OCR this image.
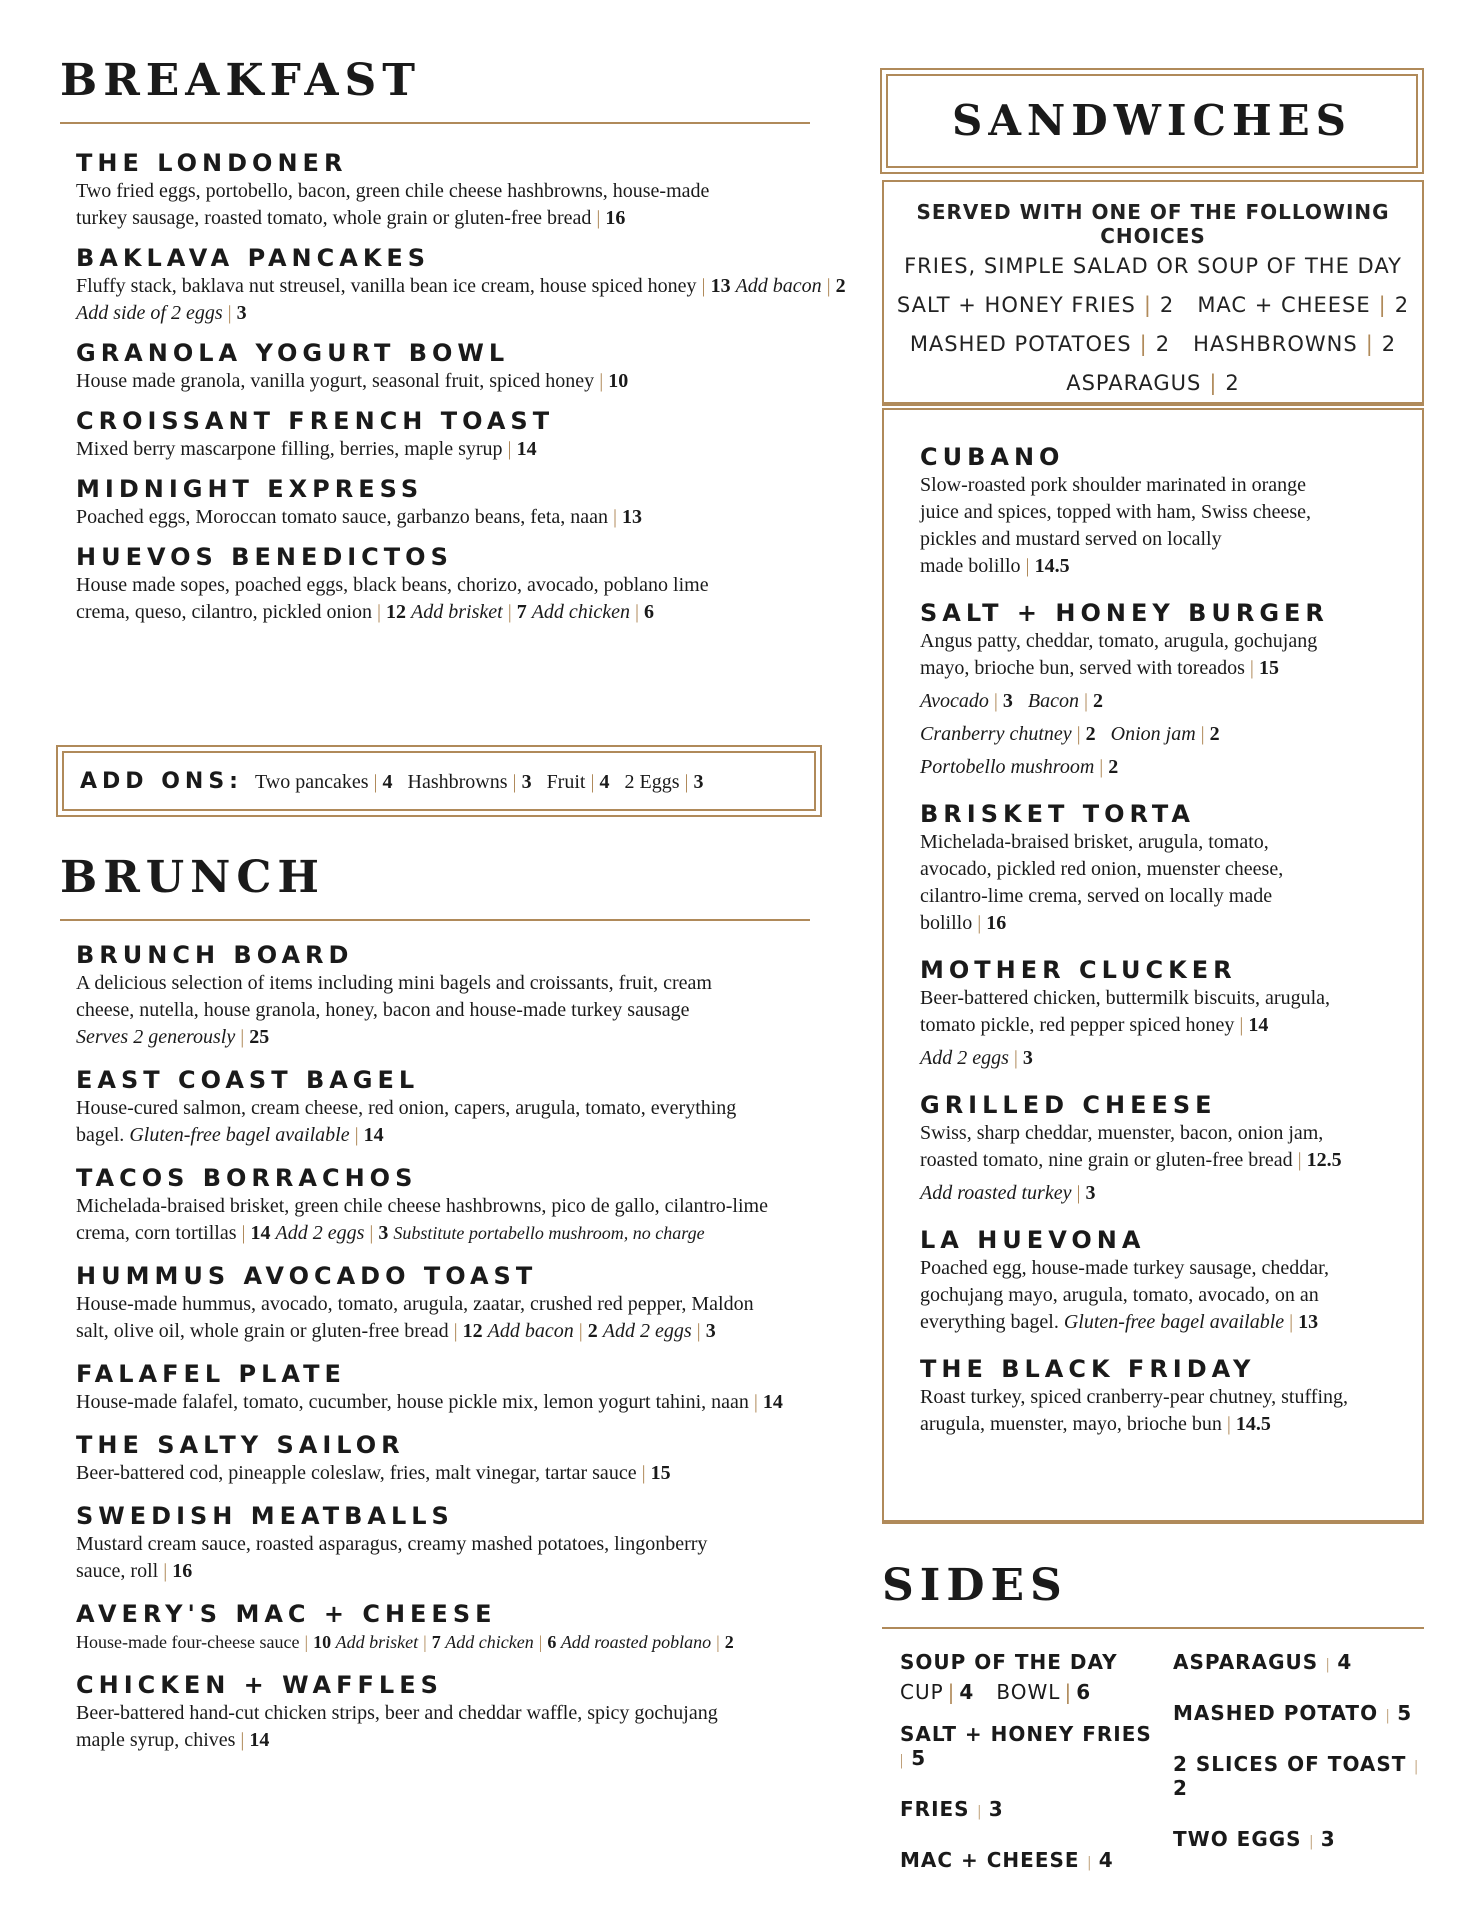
BREAKFAST
THE LONDONER
Two fried eggs, portobello, bacon, green chile cheese hashbrowns, house-made
turkey sausage, roasted tomato, whole grain or gluten-free bread | 16
BAKLAVA PANCAKES
Fluffy stack, baklava nut streusel, vanilla bean ice cream, house spiced honey | 13 Add bacon | 2 Add side of 2 eggs | 3
GRANOLA YOGURT BOWL
House made granola, vanilla yogurt, seasonal fruit, spiced honey | 10
CROISSANT FRENCH TOAST
Mixed berry mascarpone filling, berries, maple syrup | 14
MIDNIGHT EXPRESS
Poached eggs, Moroccan tomato sauce, garbanzo beans, feta, naan | 13
HUEVOS BENEDICTOS
House made sopes, poached eggs, black beans, chorizo, avocado, poblano lime
crema, queso, cilantro, pickled onion | 12 Add brisket | 7 Add chicken | 6
ADD ONS: Two pancakes | 4 Hashbrowns | 3 Fruit | 4 2 Eggs | 3
BRUNCH
BRUNCH BOARD
A delicious selection of items including mini bagels and croissants, fruit, cream
cheese, nutella, house granola, honey, bacon and house-made turkey sausage
Serves 2 generously | 25
EAST COAST BAGEL
House-cured salmon, cream cheese, red onion, capers, arugula, tomato, everything
bagel. Gluten-free bagel available | 14
TACOS BORRACHOS
Michelada-braised brisket, green chile cheese hashbrowns, pico de gallo, cilantro-lime
crema, corn tortillas | 14 Add 2 eggs | 3 Substitute portabello mushroom, no charge
HUMMUS AVOCADO TOAST
House-made hummus, avocado, tomato, arugula, zaatar, crushed red pepper, Maldon
salt, olive oil, whole grain or gluten-free bread | 12 Add bacon | 2 Add 2 eggs | 3
FALAFEL PLATE
House-made falafel, tomato, cucumber, house pickle mix, lemon yogurt tahini, naan | 14
THE SALTY SAILOR
Beer-battered cod, pineapple coleslaw, fries, malt vinegar, tartar sauce | 15
SWEDISH MEATBALLS
Mustard cream sauce, roasted asparagus, creamy mashed potatoes, lingonberry
sauce, roll | 16
AVERY'S MAC + CHEESE
House-made four-cheese sauce | 10 Add brisket | 7 Add chicken | 6 Add roasted poblano | 2
CHICKEN + WAFFLES
Beer-battered hand-cut chicken strips, beer and cheddar waffle, spicy gochujang
maple syrup, chives | 14
SANDWICHES
SERVED WITH ONE OF THE FOLLOWING CHOICES
FRIES, SIMPLE SALAD OR SOUP OF THE DAY
SALT + HONEY FRIES | 2 MAC + CHEESE | 2
MASHED POTATOES | 2 HASHBROWNS | 2
ASPARAGUS | 2
CUBANO
Slow-roasted pork shoulder marinated in orange
juice and spices, topped with ham, Swiss cheese,
pickles and mustard served on locally
made bolillo | 14.5
SALT + HONEY BURGER
Angus patty, cheddar, tomato, arugula, gochujang
mayo, brioche bun, served with toreados | 15
Avocado | 3 Bacon | 2
Cranberry chutney | 2 Onion jam | 2
Portobello mushroom | 2
BRISKET TORTA
Michelada-braised brisket, arugula, tomato,
avocado, pickled red onion, muenster cheese,
cilantro-lime crema, served on locally made
bolillo | 16
MOTHER CLUCKER
Beer-battered chicken, buttermilk biscuits, arugula,
tomato pickle, red pepper spiced honey | 14
Add 2 eggs | 3
GRILLED CHEESE
Swiss, sharp cheddar, muenster, bacon, onion jam,
roasted tomato, nine grain or gluten-free bread | 12.5
Add roasted turkey | 3
LA HUEVONA
Poached egg, house-made turkey sausage, cheddar,
gochujang mayo, arugula, tomato, avocado, on an
everything bagel. Gluten-free bagel available | 13
THE BLACK FRIDAY
Roast turkey, spiced cranberry-pear chutney, stuffing,
arugula, muenster, mayo, brioche bun | 14.5
SIDES
SOUP OF THE DAY
CUP | 4 BOWL | 6
SALT + HONEY FRIES | 5
FRIES | 3
MAC + CHEESE | 4
ASPARAGUS | 4
MASHED POTATO | 5
2 SLICES OF TOAST | 2
TWO EGGS | 3
